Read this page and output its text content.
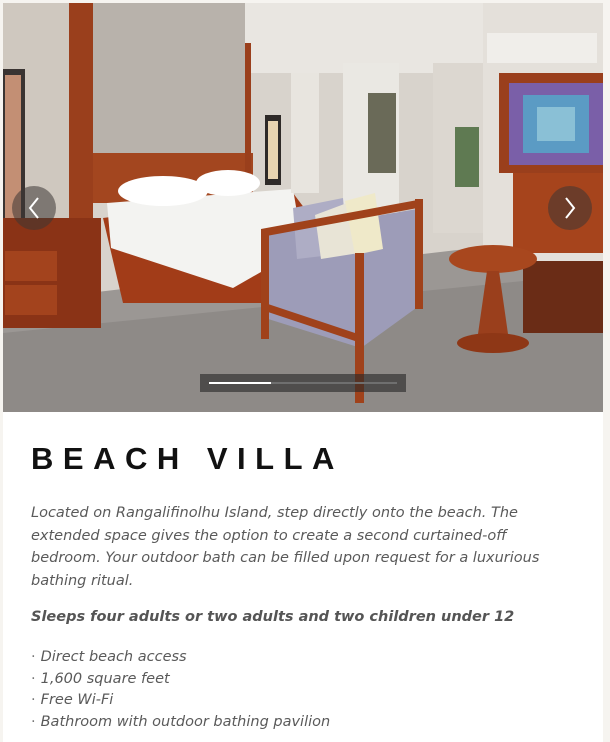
BEACH VILLA

Located on Rangalifinolhu Island, step directly onto the beach. The extended space gives the option to create a second curtained-off bedroom. Your outdoor bath can be filled upon request for a luxurious bathing ritual.

Sleeps four adults or two adults and two children under 12
· Direct beach access
· 1,600 square feet
· Free Wi-Fi
· Bathroom with outdoor bathing pavilion
